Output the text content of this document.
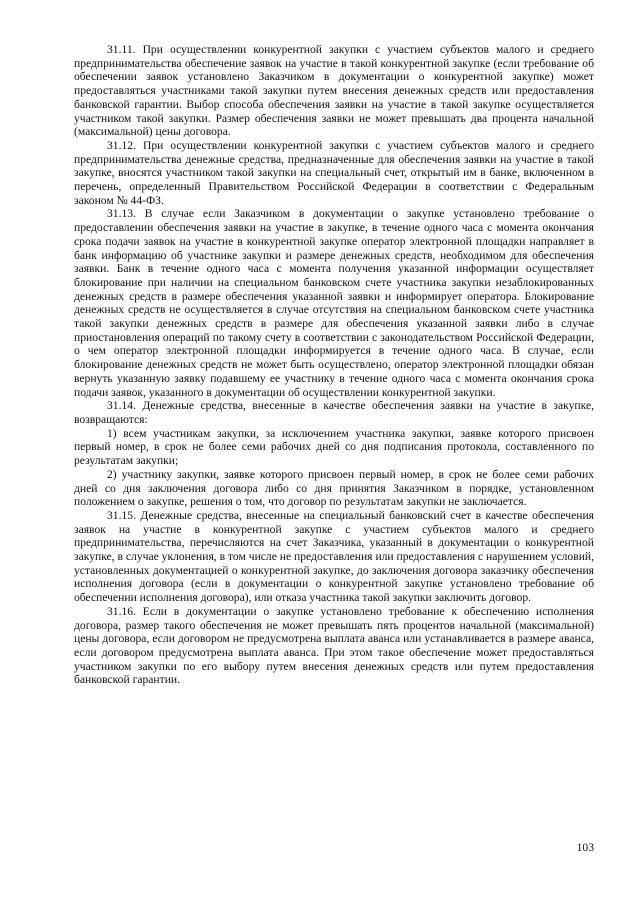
31.11. При осуществлении конкурентной закупки с участием субъектов малого и среднего предпринимательства обеспечение заявок на участие в такой конкурентной закупке (если требование об обеспечении заявок установлено Заказчиком в документации о конкурентной закупке) может предоставляться участниками такой закупки путем внесения денежных средств или предоставления банковской гарантии. Выбор способа обеспечения заявки на участие в такой закупке осуществляется участником такой закупки. Размер обеспечения заявки не может превышать два процента начальной (максимальной) цены договора.

31.12. При осуществлении конкурентной закупки с участием субъектов малого и среднего предпринимательства денежные средства, предназначенные для обеспечения заявки на участие в такой закупке, вносятся участником такой закупки на специальный счет, открытый им в банке, включенном в перечень, определенный Правительством Российской Федерации в соответствии с Федеральным законом № 44-ФЗ.

31.13. В случае если Заказчиком в документации о закупке установлено требование о предоставлении обеспечения заявки на участие в закупке, в течение одного часа с момента окончания срока подачи заявок на участие в конкурентной закупке оператор электронной площадки направляет в банк информацию об участнике закупки и размере денежных средств, необходимом для обеспечения заявки. Банк в течение одного часа с момента получения указанной информации осуществляет блокирование при наличии на специальном банковском счете участника закупки незаблокированных денежных средств в размере обеспечения указанной заявки и информирует оператора. Блокирование денежных средств не осуществляется в случае отсутствия на специальном банковском счете участника такой закупки денежных средств в размере для обеспечения указанной заявки либо в случае приостановления операций по такому счету в соответствии с законодательством Российской Федерации, о чем оператор электронной площадки информируется в течение одного часа. В случае, если блокирование денежных средств не может быть осуществлено, оператор электронной площадки обязан вернуть указанную заявку подавшему ее участнику в течение одного часа с момента окончания срока подачи заявок, указанного в документации об осуществлении конкурентной закупки.

31.14. Денежные средства, внесенные в качестве обеспечения заявки на участие в закупке, возвращаются:

1) всем участникам закупки, за исключением участника закупки, заявке которого присвоен первый номер, в срок не более семи рабочих дней со дня подписания протокола, составленного по результатам закупки;

2) участнику закупки, заявке которого присвоен первый номер, в срок не более семи рабочих дней со дня заключения договора либо со дня принятия Заказчиком в порядке, установленном положением о закупке, решения о том, что договор по результатам закупки не заключается.

31.15. Денежные средства, внесенные на специальный банковский счет в качестве обеспечения заявок на участие в конкурентной закупке с участием субъектов малого и среднего предпринимательства, перечисляются на счет Заказчика, указанный в документации о конкурентной закупке, в случае уклонения, в том числе не предоставления или предоставления с нарушением условий, установленных документацией о конкурентной закупке, до заключения договора заказчику обеспечения исполнения договора (если в документации о конкурентной закупке установлено требование об обеспечении исполнения договора), или отказа участника такой закупки заключить договор.

31.16. Если в документации о закупке установлено требование к обеспечению исполнения договора, размер такого обеспечения не может превышать пять процентов начальной (максимальной) цены договора, если договором не предусмотрена выплата аванса или устанавливается в размере аванса, если договором предусмотрена выплата аванса. При этом такое обеспечение может предоставляться участником закупки по его выбору путем внесения денежных средств или путем предоставления банковской гарантии.

103
